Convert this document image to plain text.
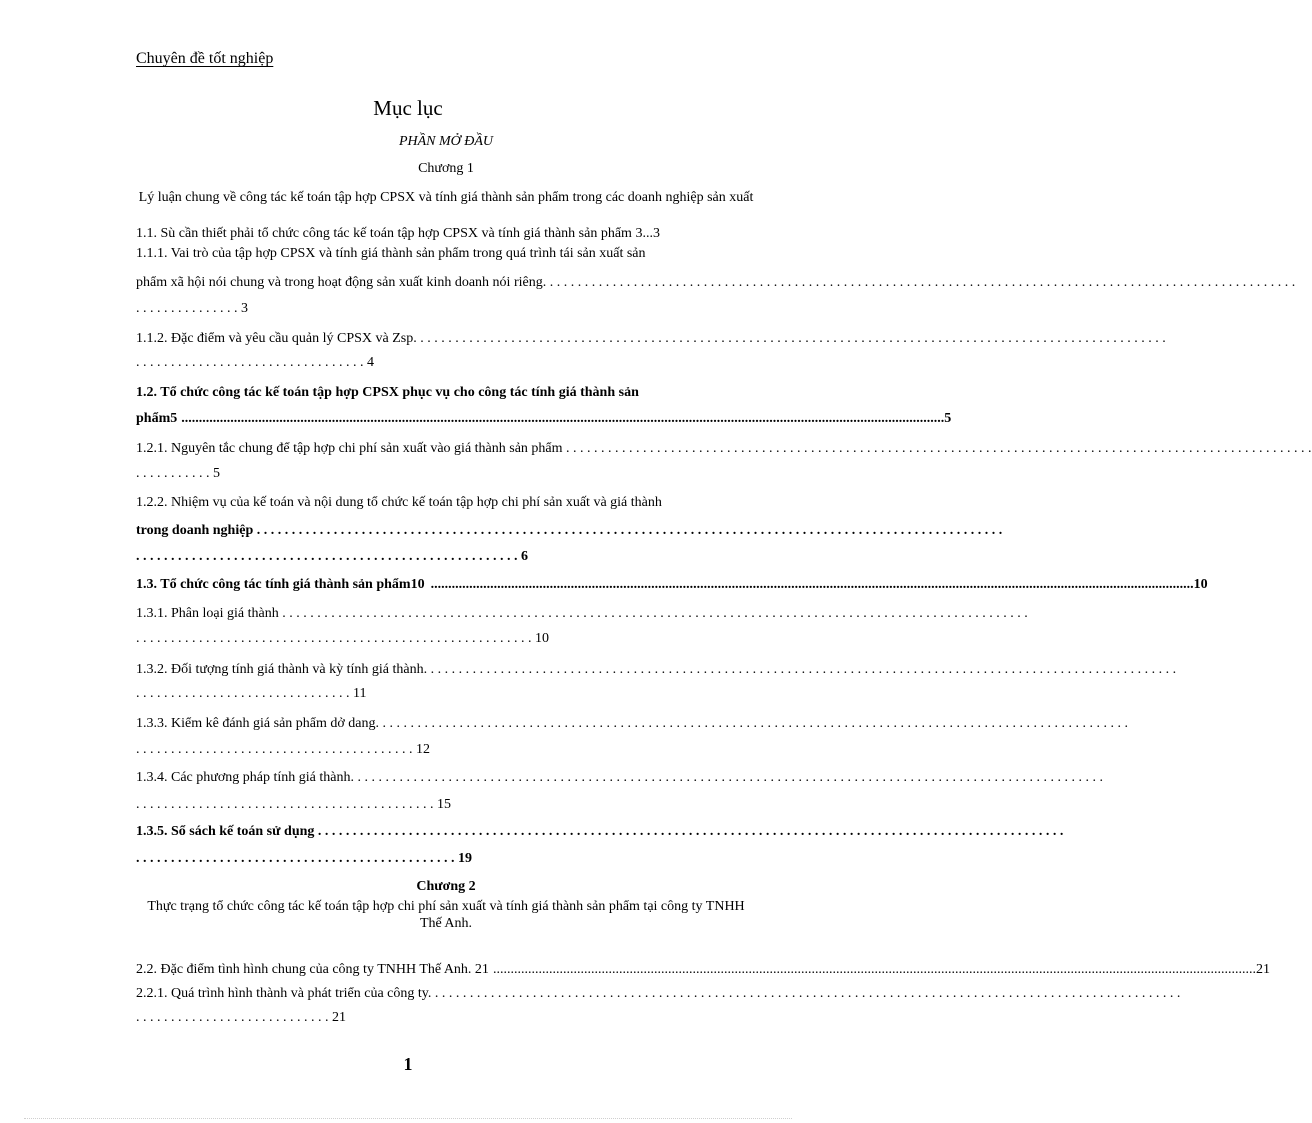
Chuyên đề tốt nghiệp
Mục lục
PHẦN MỞ ĐẦU
Chương 1
Lý luận chung về công tác kế toán tập hợp CPSX và tính giá thành sản phẩm trong các doanh nghiệp sản xuất
1.1. Sù cần thiết phải tổ chức công tác kế toán tập hợp CPSX và tính giá thành sản phẩm 3...3
1.1.1. Vai trò của tập hợp CPSX và tính giá thành sản phẩm trong quá trình tái sản xuất sản
phẩm xã hội nói chung và trong hoạt động sản xuất kinh doanh nói riêng. . . .
. . . . . . . . . . . . . . . 3
1.1.2. Đặc điểm và yêu cầu quản lý CPSX và Zsp. . . .
. . . . . . . . . . . . . . . . . . . . . . . . . . . . . . . . . 4
1.2. Tổ chức công tác kế toán tập hợp CPSX phục vụ cho công tác tính giá thành sản
phẩm5 .......................................................................................................................................................................................................................... 5
1.2.1. Nguyên tắc chung để tập hợp chi phí sản xuất vào giá thành sản phẩm . . .
. . . . . . . . . . . 5
1.2.2. Nhiệm vụ của kế toán và nội dung tổ chức kế toán tập hợp chi phí sản xuất và giá thành
trong doanh nghiệp . . .
. . . . . . . . . . . . . . . . . . . . . . . . . . . . . . . . . . . . . . . . . . . . . . . . . . . . . . . 6
1.3. Tổ chức công tác tính giá thành sản phẩm10 .......................................................................................................................................................................................................................... 10
1.3.1. Phân loại giá thành . . .
. . . . . . . . . . . . . . . . . . . . . . . . . . . . . . . . . . . . . . . . . . . . . . . . . . . . . . . . . 10
1.3.2. Đối tượng tính giá thành và kỳ tính giá thành. . . .
. . . . . . . . . . . . . . . . . . . . . . . . . . . . . . . 11
1.3.3. Kiểm kê đánh giá sản phẩm dở dang. . . .
. . . . . . . . . . . . . . . . . . . . . . . . . . . . . . . . . . . . . . . . 12
1.3.4. Các phương pháp tính giá thành. . . .
. . . . . . . . . . . . . . . . . . . . . . . . . . . . . . . . . . . . . . . . . . . 15
1.3.5. Sổ sách kế toán sử dụng . . .
. . . . . . . . . . . . . . . . . . . . . . . . . . . . . . . . . . . . . . . . . . . . . . 19
Chương 2
Thực trạng tổ chức công tác kế toán tập hợp chi phí sản xuất và tính giá thành sản phẩm tại công ty TNHH Thế Anh.
2.2. Đặc điểm tình hình chung của công ty TNHH Thế Anh. 21 .......................................................................................................................................................................................................................... 21
2.2.1. Quá trình hình thành và phát triển của công ty. . . .
. . . . . . . . . . . . . . . . . . . . . . . . . . . . 21
1
